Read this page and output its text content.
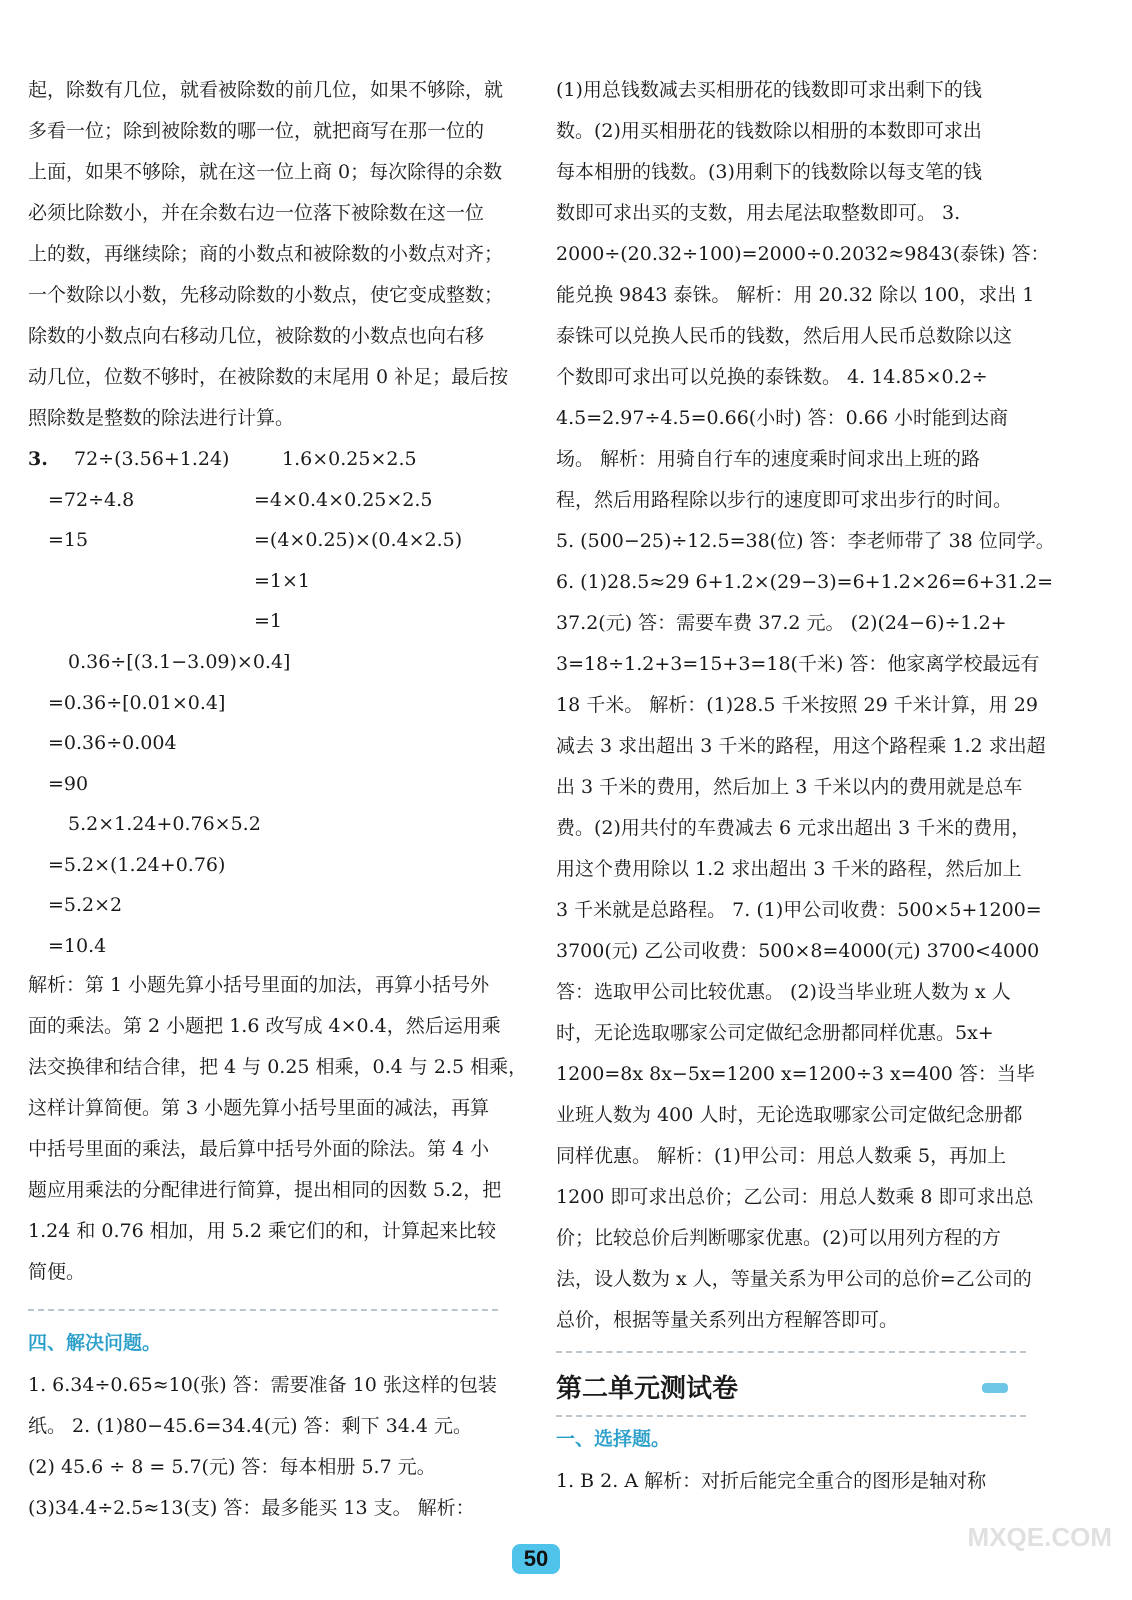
起，除数有几位，就看被除数的前几位，如果不够除，就
多看一位；除到被除数的哪一位，就把商写在那一位的
上面，如果不够除，就在这一位上商 0；每次除得的余数
必须比除数小，并在余数右边一位落下被除数在这一位
上的数，再继续除；商的小数点和被除数的小数点对齐；
一个数除以小数，先移动除数的小数点，使它变成整数；
除数的小数点向右移动几位，被除数的小数点也向右移
动几位，位数不够时，在被除数的末尾用 0 补足；最后按
照除数是整数的除法进行计算。
3. 72÷(3.56+1.24)
=72÷4.8
=15
1.6×0.25×2.5
=4×0.4×0.25×2.5
=(4×0.25)×(0.4×2.5)
=1×1
=1
0.36÷[(3.1−3.09)×0.4]
=0.36÷[0.01×0.4]
=0.36÷0.004
=90
5.2×1.24+0.76×5.2
=5.2×(1.24+0.76)
=5.2×2
=10.4
解析：第 1 小题先算小括号里面的加法，再算小括号外
面的乘法。第 2 小题把 1.6 改写成 4×0.4，然后运用乘
法交换律和结合律，把 4 与 0.25 相乘，0.4 与 2.5 相乘，
这样计算简便。第 3 小题先算小括号里面的减法，再算
中括号里面的乘法，最后算中括号外面的除法。第 4 小
题应用乘法的分配律进行简算，提出相同的因数 5.2，把
1.24 和 0.76 相加，用 5.2 乘它们的和，计算起来比较
简便。
四、解决问题。
1. 6.34÷0.65≈10(张) 答：需要准备 10 张这样的包装
纸。 2. (1)80−45.6=34.4(元) 答：剩下 34.4 元。
(2) 45.6 ÷ 8 = 5.7(元) 答：每本相册 5.7 元。
(3)34.4÷2.5≈13(支) 答：最多能买 13 支。 解析：
(1)用总钱数减去买相册花的钱数即可求出剩下的钱
数。(2)用买相册花的钱数除以相册的本数即可求出
每本相册的钱数。(3)用剩下的钱数除以每支笔的钱
数即可求出买的支数，用去尾法取整数即可。 3.
2000÷(20.32÷100)=2000÷0.2032≈9843(泰铢) 答：
能兑换 9843 泰铢。 解析：用 20.32 除以 100，求出 1
泰铢可以兑换人民币的钱数，然后用人民币总数除以这
个数即可求出可以兑换的泰铢数。 4. 14.85×0.2÷
4.5=2.97÷4.5=0.66(小时) 答：0.66 小时能到达商
场。 解析：用骑自行车的速度乘时间求出上班的路
程，然后用路程除以步行的速度即可求出步行的时间。
5. (500−25)÷12.5=38(位) 答：李老师带了 38 位同学。
6. (1)28.5≈29 6+1.2×(29−3)=6+1.2×26=6+31.2=
37.2(元) 答：需要车费 37.2 元。 (2)(24−6)÷1.2+
3=18÷1.2+3=15+3=18(千米) 答：他家离学校最远有
18 千米。 解析：(1)28.5 千米按照 29 千米计算，用 29
减去 3 求出超出 3 千米的路程，用这个路程乘 1.2 求出超
出 3 千米的费用，然后加上 3 千米以内的费用就是总车
费。(2)用共付的车费减去 6 元求出超出 3 千米的费用，
用这个费用除以 1.2 求出超出 3 千米的路程，然后加上
3 千米就是总路程。 7. (1)甲公司收费：500×5+1200=
3700(元) 乙公司收费：500×8=4000(元) 3700<4000
答：选取甲公司比较优惠。 (2)设当毕业班人数为 x 人
时，无论选取哪家公司定做纪念册都同样优惠。5x+
1200=8x 8x−5x=1200 x=1200÷3 x=400 答：当毕
业班人数为 400 人时，无论选取哪家公司定做纪念册都
同样优惠。 解析：(1)甲公司：用总人数乘 5，再加上
1200 即可求出总价；乙公司：用总人数乘 8 即可求出总
价；比较总价后判断哪家优惠。(2)可以用列方程的方
法，设人数为 x 人，等量关系为甲公司的总价=乙公司的
总价，根据等量关系列出方程解答即可。
第二单元测试卷
一、选择题。
1. B 2. A 解析：对折后能完全重合的图形是轴对称
50
MXQE.COM
